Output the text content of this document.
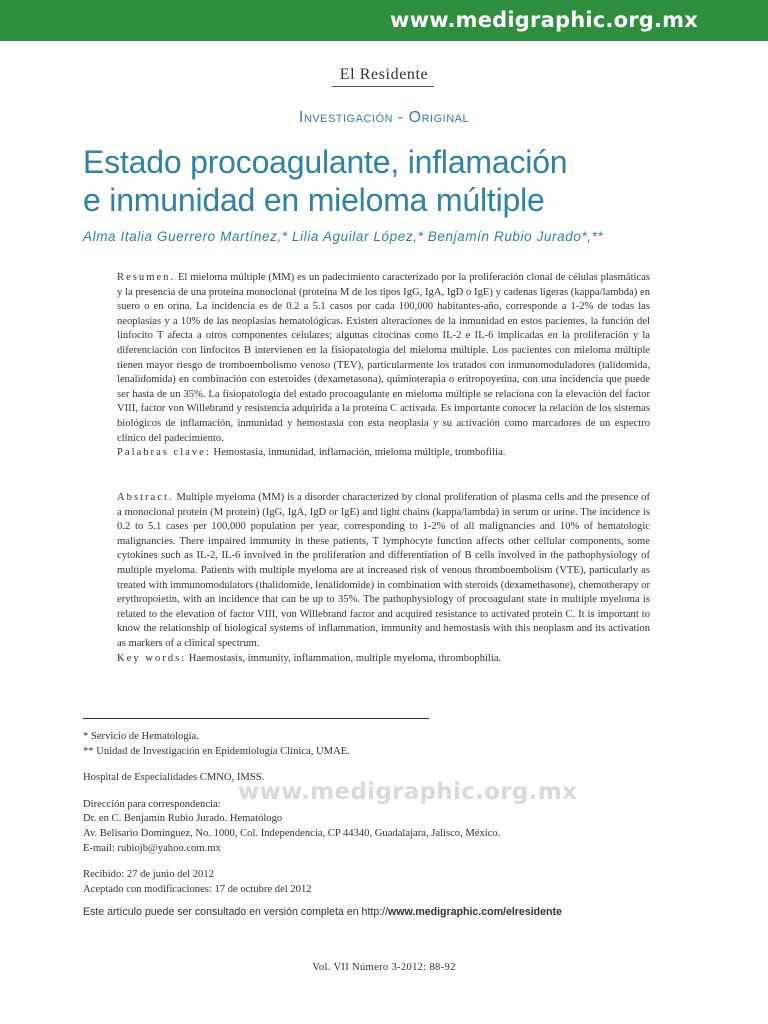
www.medigraphic.org.mx
El Residente
Investigación - Original
Estado procoagulante, inflamación
e inmunidad en mieloma múltiple
Alma Italia Guerrero Martínez,* Lilia Aguilar López,* Benjamín Rubio Jurado*,**

Resumen. El mieloma múltiple (MM) es un padecimiento caracterizado por la proliferación clonal de células plasmáticas y la presencia de una proteína monoclonal (proteína M de los tipos IgG, IgA, IgD o IgE) y cadenas ligeras (kappa/lambda) en suero o en orina. La incidencia es de 0.2 a 5.1 casos por cada 100,000 habitantes-año, corresponde a 1-2% de todas las neoplasias y a 10% de las neoplasias hematológicas. Existen alteraciones de la inmunidad en estos pacientes, la función del linfocito T afecta a otros componentes celulares; algunas citocinas como IL-2 e IL-6 implicadas en la proliferación y la diferenciación con linfocitos B intervienen en la fisiopatología del mieloma múltiple. Los pacientes con mieloma múltiple tienen mayor riesgo de tromboembolismo venoso (TEV), particularmente los tratados con inmunomoduladores (talidomida, lenalidomida) en combinación con esteroides (dexametasona), quimioterapia o eritropoyetina, con una incidencia que puede ser hasta de un 35%. La fisiopatología del estado procoagulante en mieloma múltiple se relaciona con la elevación del factor VIII, factor von Willebrand y resistencia adquirida a la proteína C activada. Es importante conocer la relación de los sistemas biológicos de inflamación, inmunidad y hemostasia con esta neoplasia y su activación como marcadores de un espectro clínico del padecimiento.

Palabras clave: Hemostasia, inmunidad, inflamación, mieloma múltiple, trombofilia.

Abstract. Multiple myeloma (MM) is a disorder characterized by clonal proliferation of plasma cells and the presence of a monoclonal protein (M protein) (IgG, IgA, IgD or IgE) and light chains (kappa/lambda) in serum or urine. The incidence is 0.2 to 5.1 cases per 100,000 population per year, corresponding to 1-2% of all malignancies and 10% of hematologic malignancies. There impaired immunity in these patients, T lymphocyte function affects other cellular components, some cytokines such as IL-2, IL-6 involved in the proliferation and differentiation of B cells involved in the pathophysiology of multiple myeloma. Patients with multiple myeloma are at increased risk of venous thromboembolism (VTE), particularly as treated with immunomodulators (thalidomide, lenalidomide) in combination with steroids (dexamethasone), chemotherapy or erythropoietin, with an incidence that can be up to 35%. The pathophysiology of procoagulant state in multiple myeloma is related to the elevation of factor VIII, von Willebrand factor and acquired resistance to activated protein C. It is important to know the relationship of biological systems of inflammation, immunity and hemostasis with this neoplasm and its activation as markers of a clinical spectrum.

Key words: Haemostasis, immunity, inflammation, multiple myeloma, thrombophilia.

* Servicio de Hematología.

** Unidad de Investigación en Epidemiología Clínica, UMAE.

Hospital de Especialidades CMNO, IMSS.

Dirección para correspondencia:

Dr. en C. Benjamín Rubio Jurado. Hematólogo

Av. Belisario Domínguez, No. 1000, Col. Independencia, CP 44340, Guadalajara, Jalisco, México.

E-mail: rubiojb@yahoo.com.mx

Recibido: 27 de junio del 2012

Aceptado con modificaciones: 17 de octubre del 2012

www.medigraphic.org.mx
Este artículo puede ser consultado en versión completa en http://www.medigraphic.com/elresidente
Vol. VII Número 3-2012: 88-92
